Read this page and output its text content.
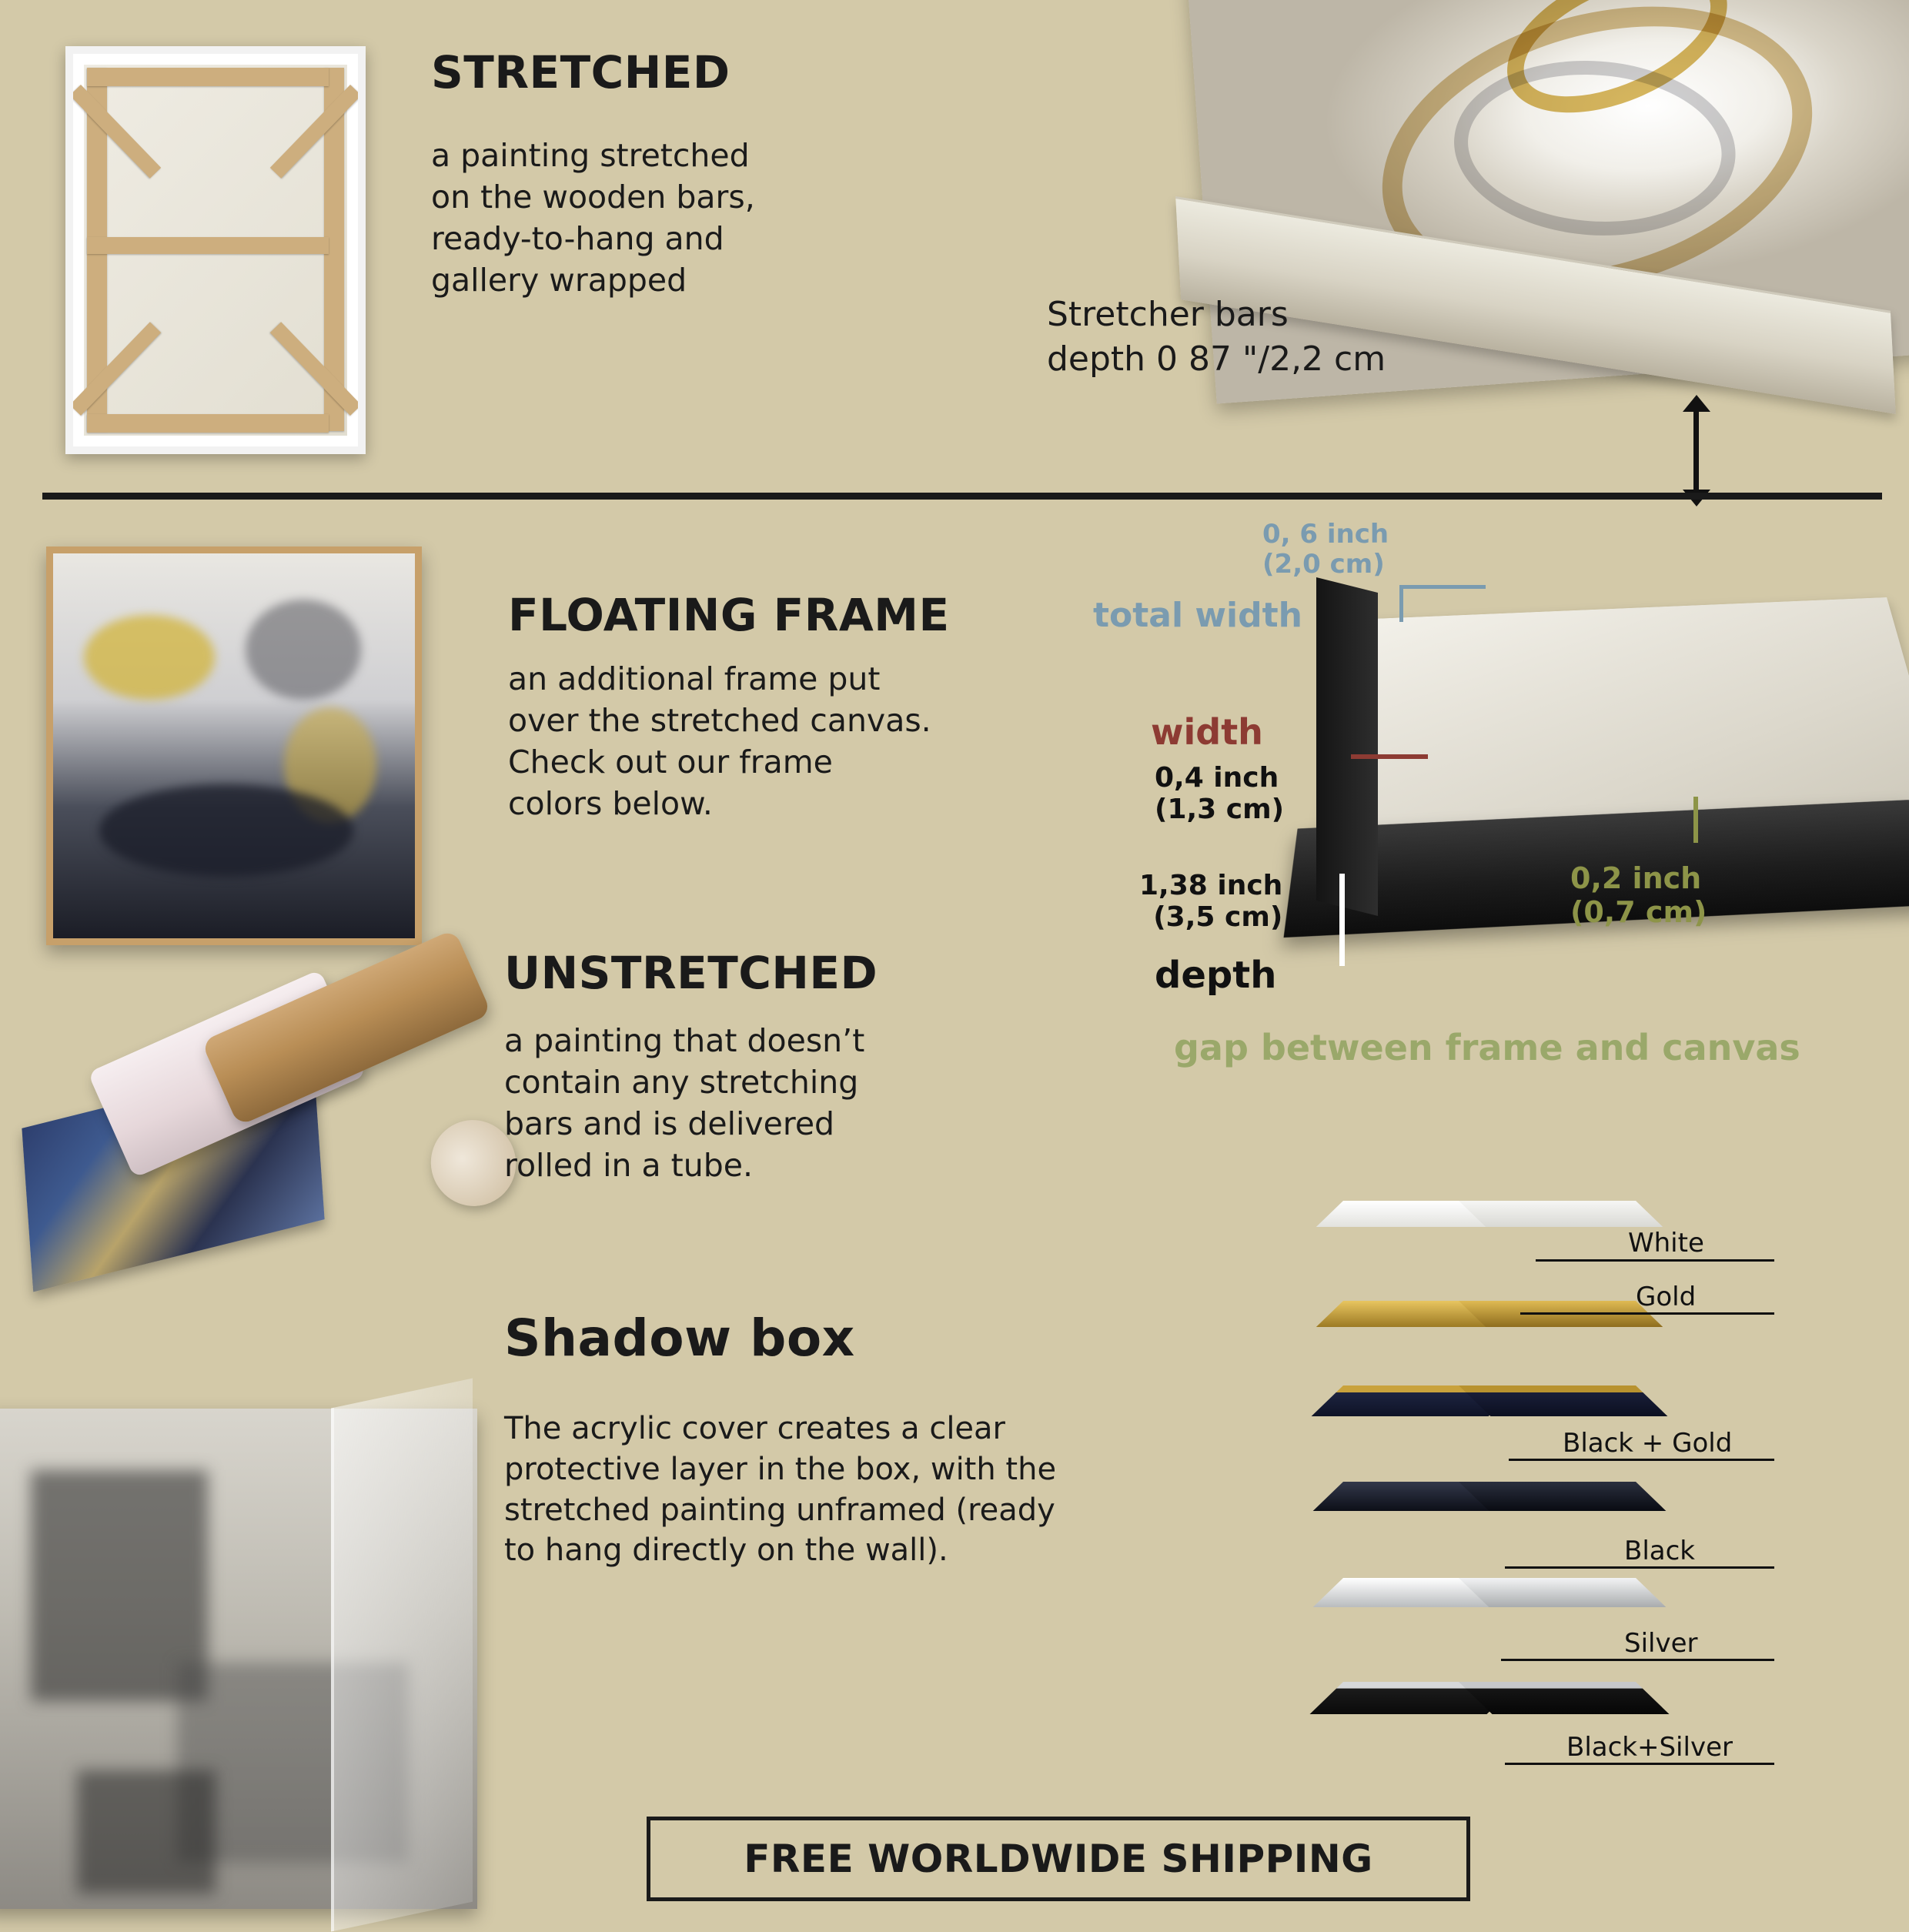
STRETCHED

a painting stretched

on the wooden bars,

ready-to-hang and

gallery wrapped

Stretcher bars

depth 0 87 "/2,2 cm

FLOATING FRAME

an additional frame put

over the stretched canvas.

Check out our frame

colors below.

0, 6 inch
(2,0 cm)
total width
width
0,4 inch
(1,3 cm)
1,38 inch
(3,5 cm)
depth
0,2 inch
(0,7 cm)
gap between frame and canvas
UNSTRETCHED

a painting that doesn’t

contain any stretching

bars and is delivered

rolled in a tube.

Shadow box

The acrylic cover creates a clear

protective layer in the box, with the

stretched painting unframed (ready

to hang directly on the wall).

White
Gold
Black + Gold
Black
Silver
Black+Silver
FREE WORLDWIDE SHIPPING
